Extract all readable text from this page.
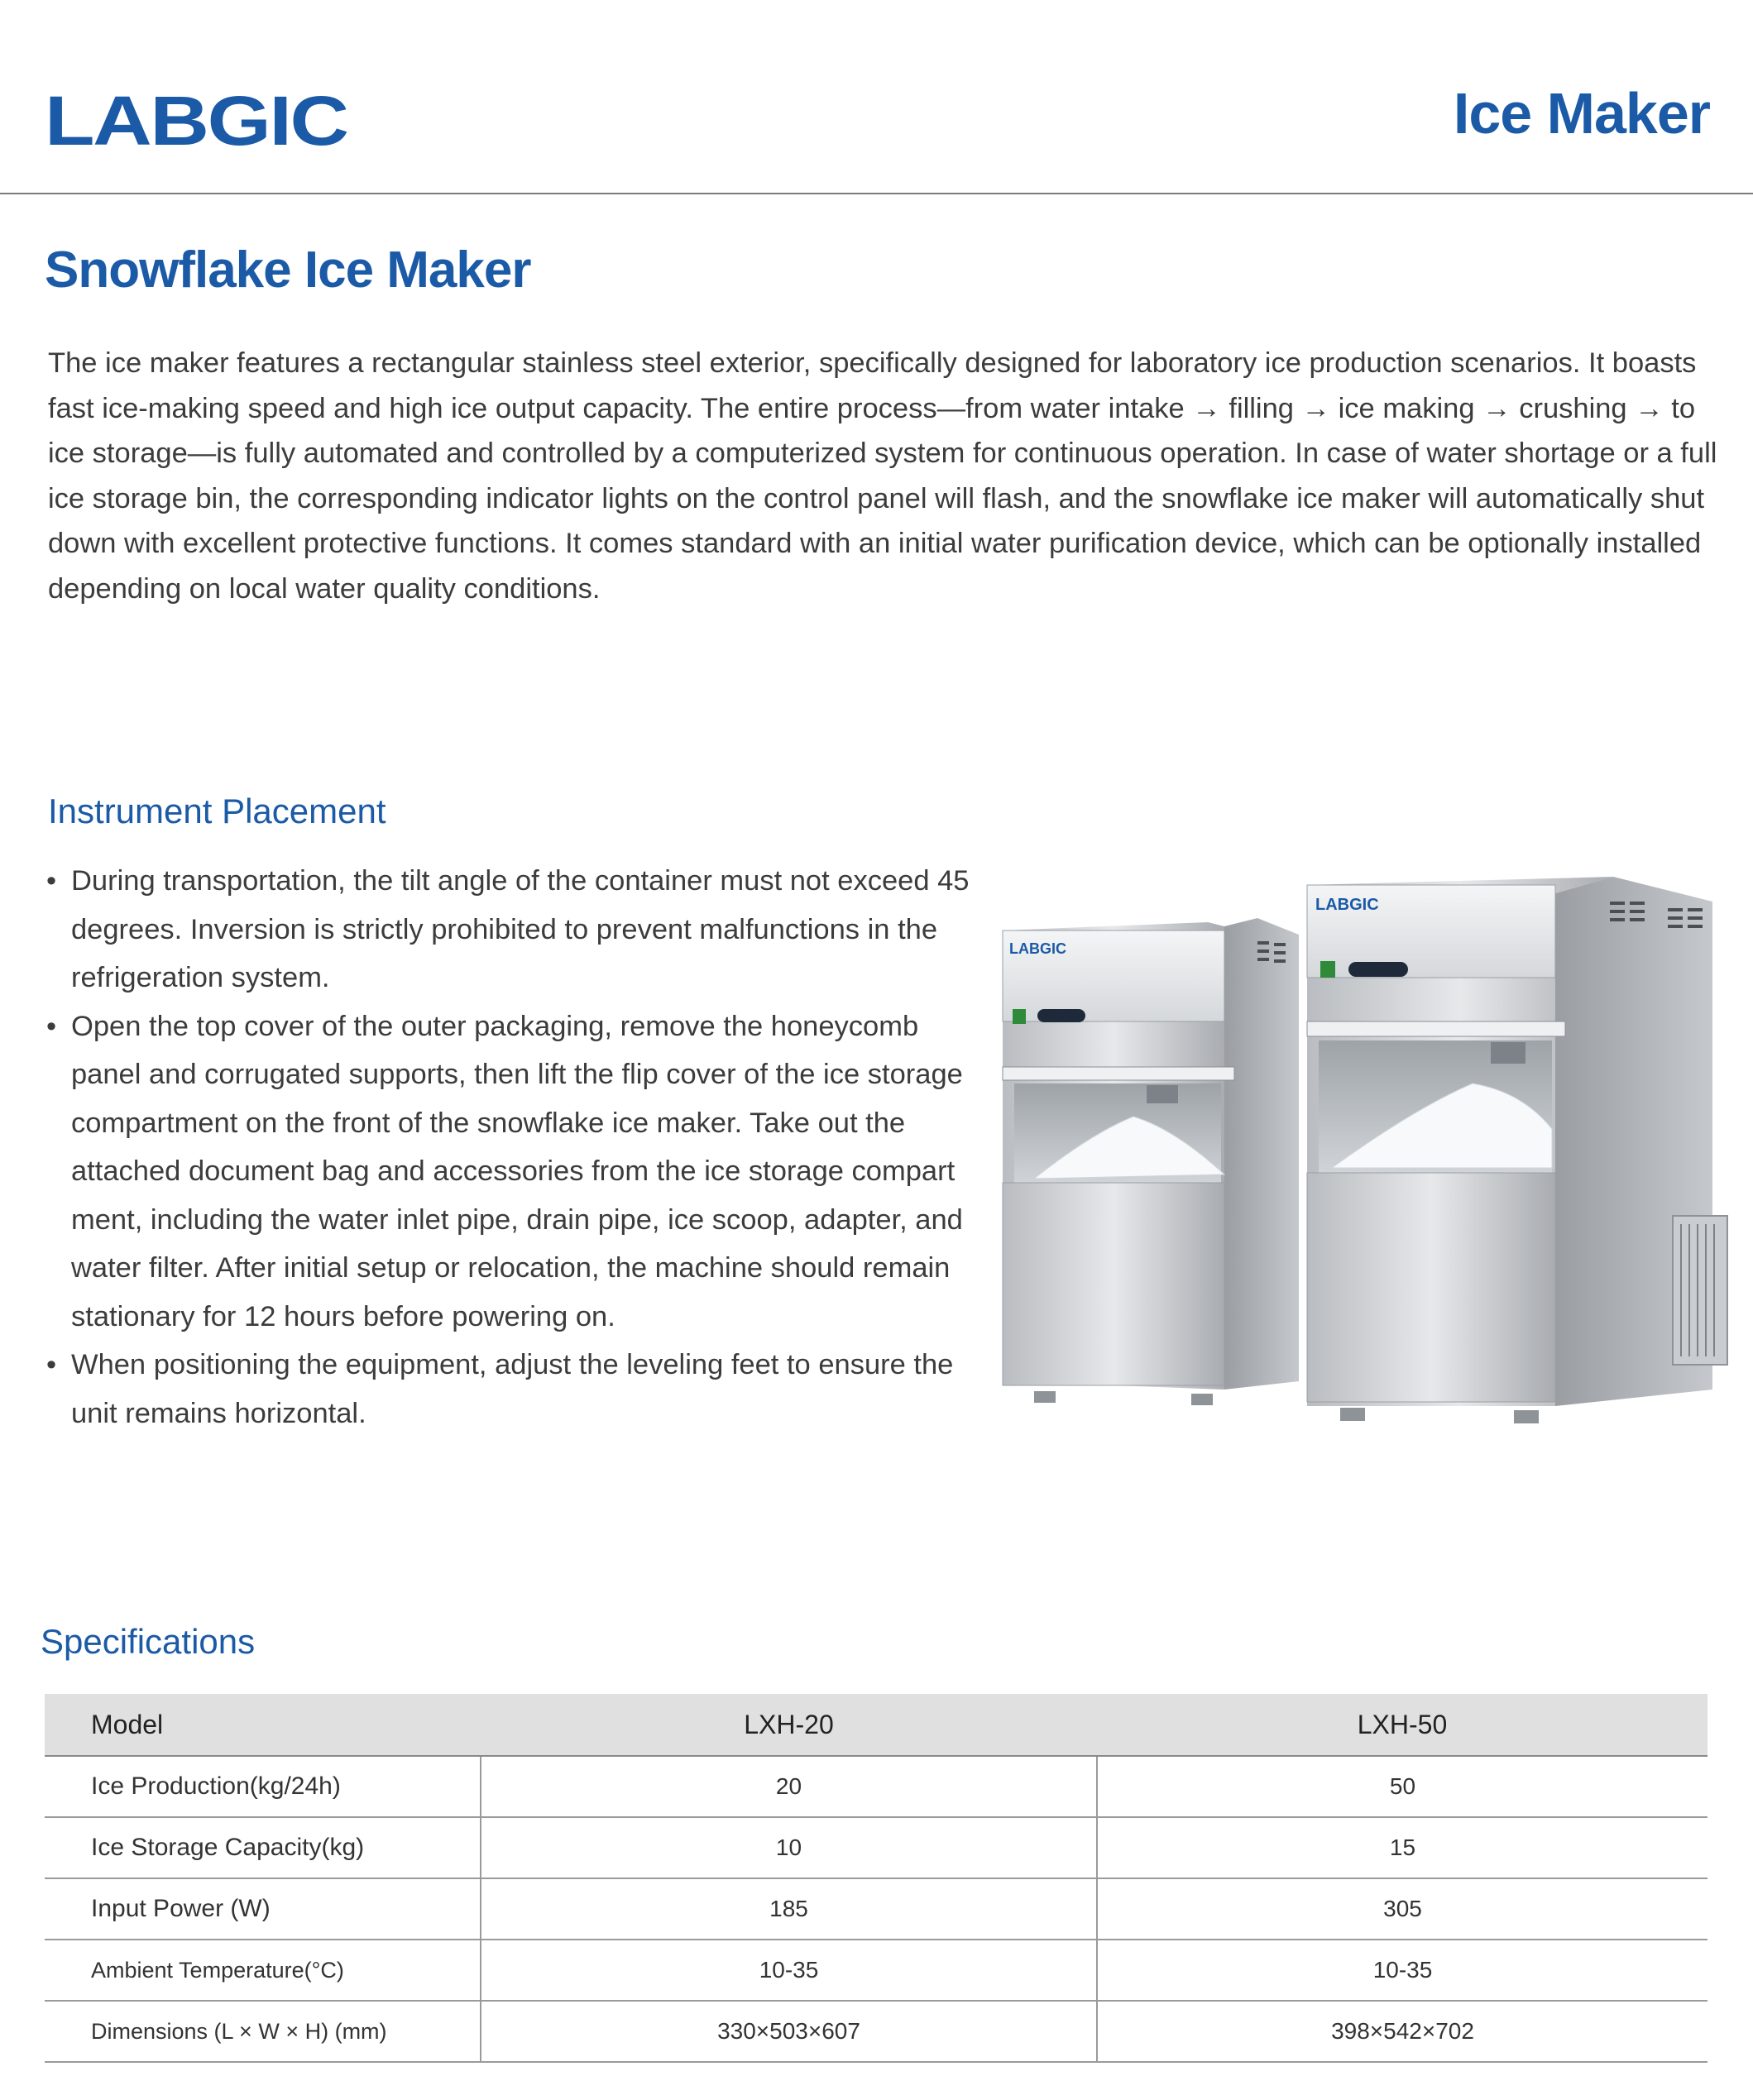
LABGIC	Ice Maker
Snowflake Ice Maker

The ice maker features a rectangular stainless steel exterior, specifically designed for laboratory ice production scenarios. It boasts fast ice-making speed and high ice output capacity. The entire process—from water intake → filling → ice making → crushing → to ice storage—is fully automated and controlled by a computerized system for continuous operation. In case of water shortage or a full ice storage bin, the corresponding indicator lights on the control panel will flash, and the snowflake ice maker will automatically shut down with excellent protective functions. It comes standard with an initial water purification device, which can be optionally installed depending on local water quality conditions.

Instrument Placement
• During transportation, the tilt angle of the container must not exceed 45 degrees. Inversion is strictly prohibited to prevent malfunctions in the refrigeration system.
• Open the top cover of the outer packaging, remove the honeycomb panel and corrugated supports, then lift the flip cover of the ice storage compartment on the front of the snowflake ice maker. Take out the attached document bag and accessories from the ice storage compart ment, including the water inlet pipe, drain pipe, ice scoop, adapter, and water filter. After initial setup or relocation, the machine should remain stationary for 12 hours before powering on.
• When positioning the equipment, adjust the leveling feet to ensure the unit remains horizontal.
LABGIC
LABGIC
Specifications
Model	LXH-20	LXH-50
Ice Production(kg/24h)	20	50
Ice Storage Capacity(kg)	10	15
Input Power (W)	185	305
Ambient Temperature(°C)	10-35	10-35
Dimensions (L × W × H) (mm)	330×503×607	398×542×702
